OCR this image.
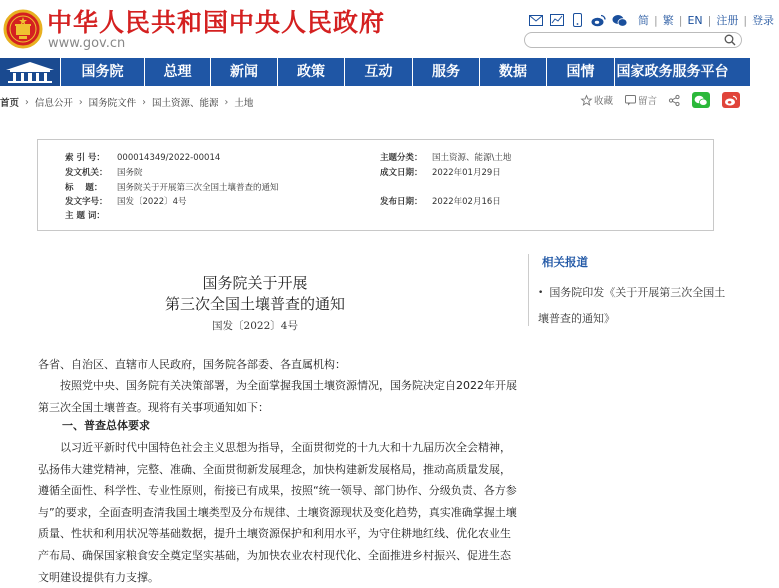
中华人民共和国中央人民政府
www.gov.cn
简 | 繁 | EN | 注册 | 登录
国务院	总理	新闻	政策	互动	服务	数据	国情	国家政务服务平台
首页 › 信息公开 › 国务院文件 › 国土资源、能源 › 土地	收藏	留言
索 引 号： 000014349/2022-00014	主题分类： 国土资源、能源\土地
发文机关： 国务院	成文日期： 2022年01月29日
标    题： 国务院关于开展第三次全国土壤普查的通知
发文字号： 国发〔2022〕4号	发布日期： 2022年02月16日
主 题 词：
国务院关于开展
第三次全国土壤普查的通知
国发〔2022〕4号
各省、自治区、直辖市人民政府，国务院各部委、各直属机构：
　　按照党中央、国务院有关决策部署，为全面掌握我国土壤资源情况，国务院决定自2022年开展第三次全国土壤普查。现将有关事项通知如下：
一、普查总体要求
　　以习近平新时代中国特色社会主义思想为指导，全面贯彻党的十九大和十九届历次全会精神，弘扬伟大建党精神，完整、准确、全面贯彻新发展理念，加快构建新发展格局，推动高质量发展，遵循全面性、科学性、专业性原则，衔接已有成果，按照“统一领导、部门协作、分级负责、各方参与”的要求，全面查明查清我国土壤类型及分布规律、土壤资源现状及变化趋势，真实准确掌握土壤质量、性状和利用状况等基础数据，提升土壤资源保护和利用水平，为守住耕地红线、优化农业生产布局、确保国家粮食安全奠定坚实基础，为加快农业农村现代化、全面推进乡村振兴、促进生态文明建设提供有力支撑。
相关报道
• 国务院印发《关于开展第三次全国土壤普查的通知》
